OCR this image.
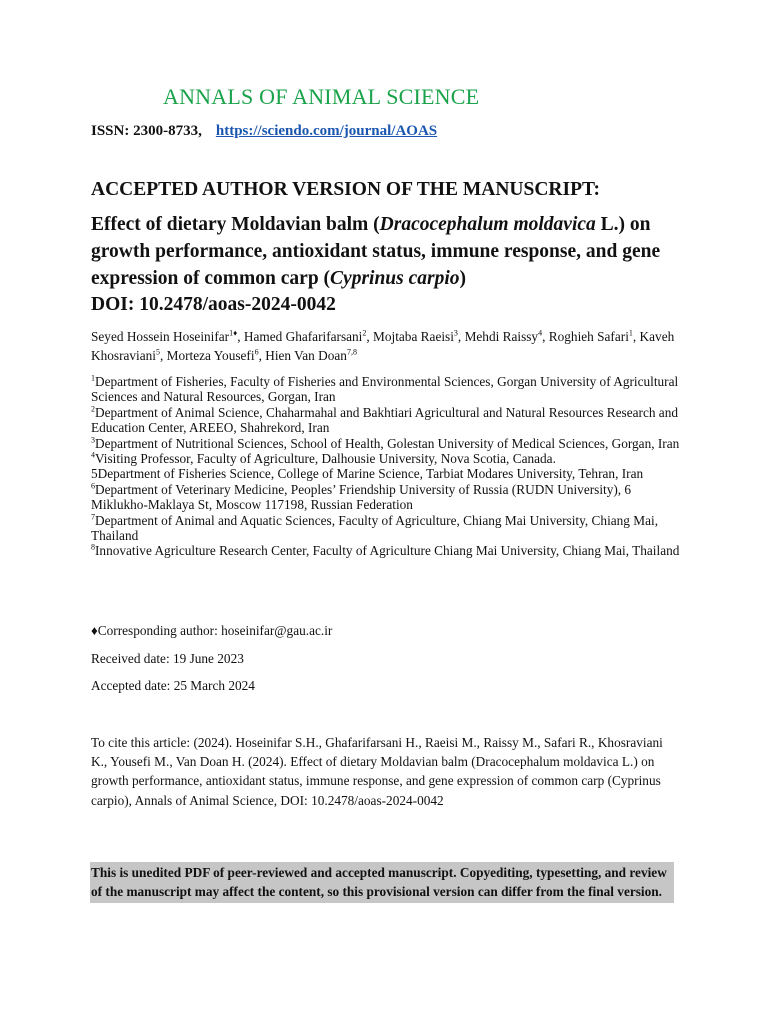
ANNALS OF ANIMAL SCIENCE
ISSN: 2300-8733, https://sciendo.com/journal/AOAS
ACCEPTED AUTHOR VERSION OF THE MANUSCRIPT:
Effect of dietary Moldavian balm (Dracocephalum moldavica L.) on growth performance, antioxidant status, immune response, and gene expression of common carp (Cyprinus carpio)
DOI: 10.2478/aoas-2024-0042
Seyed Hossein Hoseinifar$^{1♦}$, Hamed Ghafarifarsani$^2$, Mojtaba Raeisi$^3$, Mehdi Raissy$^4$, Roghieh Safari$^1$, Kaveh Khosraviani$^5$, Morteza Yousefi$^6$, Hien Van Doan$^{7,8}$
$^1$Department of Fisheries, Faculty of Fisheries and Environmental Sciences, Gorgan University of Agricultural Sciences and Natural Resources, Gorgan, Iran
$^2$Department of Animal Science, Chaharmahal and Bakhtiari Agricultural and Natural Resources Research and Education Center, AREEO, Shahrekord, Iran
$^3$Department of Nutritional Sciences, School of Health, Golestan University of Medical Sciences, Gorgan, Iran
$^4$Visiting Professor, Faculty of Agriculture, Dalhousie University, Nova Scotia, Canada.
5Department of Fisheries Science, College of Marine Science, Tarbiat Modares University, Tehran, Iran
$^6$Department of Veterinary Medicine, Peoples’ Friendship University of Russia (RUDN University), 6 Miklukho-Maklaya St, Moscow 117198, Russian Federation
$^7$Department of Animal and Aquatic Sciences, Faculty of Agriculture, Chiang Mai University, Chiang Mai, Thailand
$^8$Innovative Agriculture Research Center, Faculty of Agriculture Chiang Mai University, Chiang Mai, Thailand
♦Corresponding author: hoseinifar@gau.ac.ir
Received date: 19 June 2023
Accepted date: 25 March 2024
To cite this article: (2024). Hoseinifar S.H., Ghafarifarsani H., Raeisi M., Raissy M., Safari R., Khosraviani K., Yousefi M., Van Doan H. (2024). Effect of dietary Moldavian balm (Dracocephalum moldavica L.) on growth performance, antioxidant status, immune response, and gene expression of common carp (Cyprinus carpio), Annals of Animal Science, DOI: 10.2478/aoas-2024-0042
This is unedited PDF of peer-reviewed and accepted manuscript. Copyediting, typesetting, and review of the manuscript may affect the content, so this provisional version can differ from the final version.
